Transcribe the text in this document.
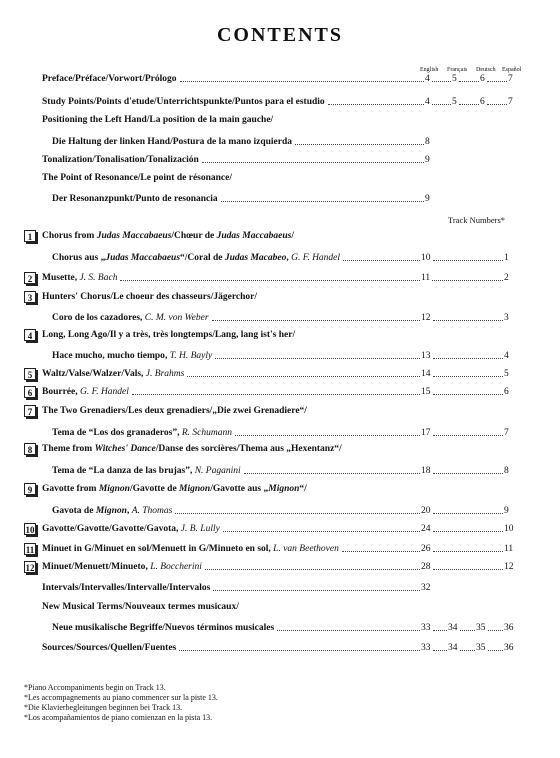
CONTENTS
English Français Deutsch Español
Preface/Préface/Vorwort/Prólogo	4 5 6 7
Study Points/Points d'etude/Unterrichtspunkte/Puntos para el estudio	4 5 6 7
Positioning the Left Hand/La position de la main gauche/
Die Haltung der linken Hand/Postura de la mano izquierda	8
Tonalization/Tonalisation/Tonalización	9
The Point of Resonance/Le point de résonance/
Der Resonanzpunkt/Punto de resonancia	9
1	Chorus from Judas Maccabaeus/Chœur de Judas Maccabaeus/
Chorus aus „Judas Maccabaeus“/Coral de Judas Macabeo, G. F. Handel	10	1
2	Musette, J. S. Bach	11	2
3	Hunters' Chorus/Le choeur des chasseurs/Jägerchor/
Coro de los cazadores, C. M. von Weber	12	3
4	Long, Long Ago/Il y a très, très longtemps/Lang, lang ist's her/
Hace mucho, mucho tiempo, T. H. Bayly	13	4
5	Waltz/Valse/Walzer/Vals, J. Brahms	14	5
6	Bourrée, G. F. Handel	15	6
7	The Two Grenadiers/Les deux grenadiers/„Die zwei Grenadiere“/
Tema de “Los dos granaderos”, R. Schumann	17	7
8	Theme from Witches' Dance/Danse des sorcières/Thema aus „Hexentanz“/
Tema de “La danza de las brujas”, N. Paganini	18	8
9	Gavotte from Mignon/Gavotte de Mignon/Gavotte aus „Mignon“/
Gavota de Mignon, A. Thomas	20	9
10 Gavotte/Gavotte/Gavotte/Gavota, J. B. Lully	24	10
11 Minuet in G/Minuet en sol/Menuett in G/Minueto en sol, L. van Beethoven	26	11
12 Minuet/Menuett/Minueto, L. Boccherini	28	12
Intervals/Intervalles/Intervalle/Intervalos	32
New Musical Terms/Nouveaux termes musicaux/
Neue musikalische Begriffe/Nuevos términos musicales	33 34 35 36
Sources/Sources/Quellen/Fuentes	33 34 35 36
Track Numbers*
*Piano Accompaniments begin on Track 13.
*Les accompagnements au piano commencer sur la piste 13.
*Die Klavierbegleitungen beginnen bei Track 13.
*Los acompañamientos de piano comienzan en la pista 13.
